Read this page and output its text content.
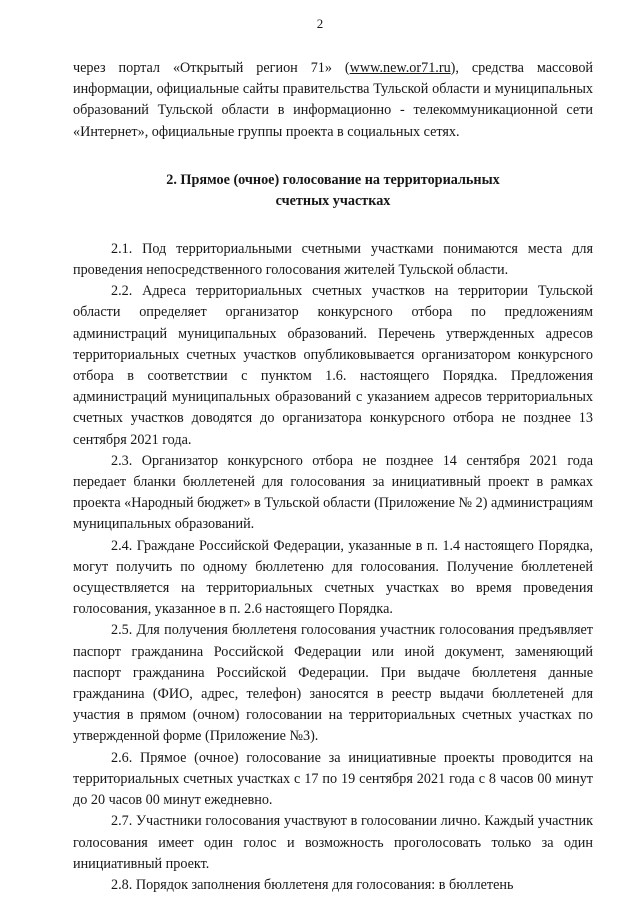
2

через портал «Открытый регион 71» (www.new.or71.ru), средства массовой информации, официальные сайты правительства Тульской области и муниципальных образований Тульской области в информационно - телекоммуникационной сети «Интернет», официальные группы проекта в социальных сетях.

2. Прямое (очное) голосование на территориальных
счетных участках

2.1. Под территориальными счетными участками понимаются места для проведения непосредственного голосования жителей Тульской области.

2.2. Адреса территориальных счетных участков на территории Тульской области определяет организатор конкурсного отбора по предложениям администраций муниципальных образований. Перечень утвержденных адресов территориальных счетных участков опубликовывается организатором конкурсного отбора в соответствии с пунктом 1.6. настоящего Порядка. Предложения администраций муниципальных образований с указанием адресов территориальных счетных участков доводятся до организатора конкурсного отбора не позднее 13 сентября 2021 года.

2.3. Организатор конкурсного отбора не позднее 14 сентября 2021 года передает бланки бюллетеней для голосования за инициативный проект в рамках проекта «Народный бюджет» в Тульской области (Приложение № 2) администрациям муниципальных образований.

2.4. Граждане Российской Федерации, указанные в п. 1.4 настоящего Порядка, могут получить по одному бюллетеню для голосования. Получение бюллетеней осуществляется на территориальных счетных участках во время проведения голосования, указанное в п. 2.6 настоящего Порядка.

2.5. Для получения бюллетеня голосования участник голосования предъявляет паспорт гражданина Российской Федерации или иной документ, заменяющий паспорт гражданина Российской Федерации. При выдаче бюллетеня данные гражданина (ФИО, адрес, телефон) заносятся в реестр выдачи бюллетеней для участия в прямом (очном) голосовании на территориальных счетных участках по утвержденной форме (Приложение №3).

2.6. Прямое (очное) голосование за инициативные проекты проводится на территориальных счетных участках с 17 по 19 сентября 2021 года с 8 часов 00 минут до 20 часов 00 минут ежедневно.

2.7. Участники голосования участвуют в голосовании лично. Каждый участник голосования имеет один голос и возможность проголосовать только за один инициативный проект.

2.8. Порядок заполнения бюллетеня для голосования: в бюллетень
